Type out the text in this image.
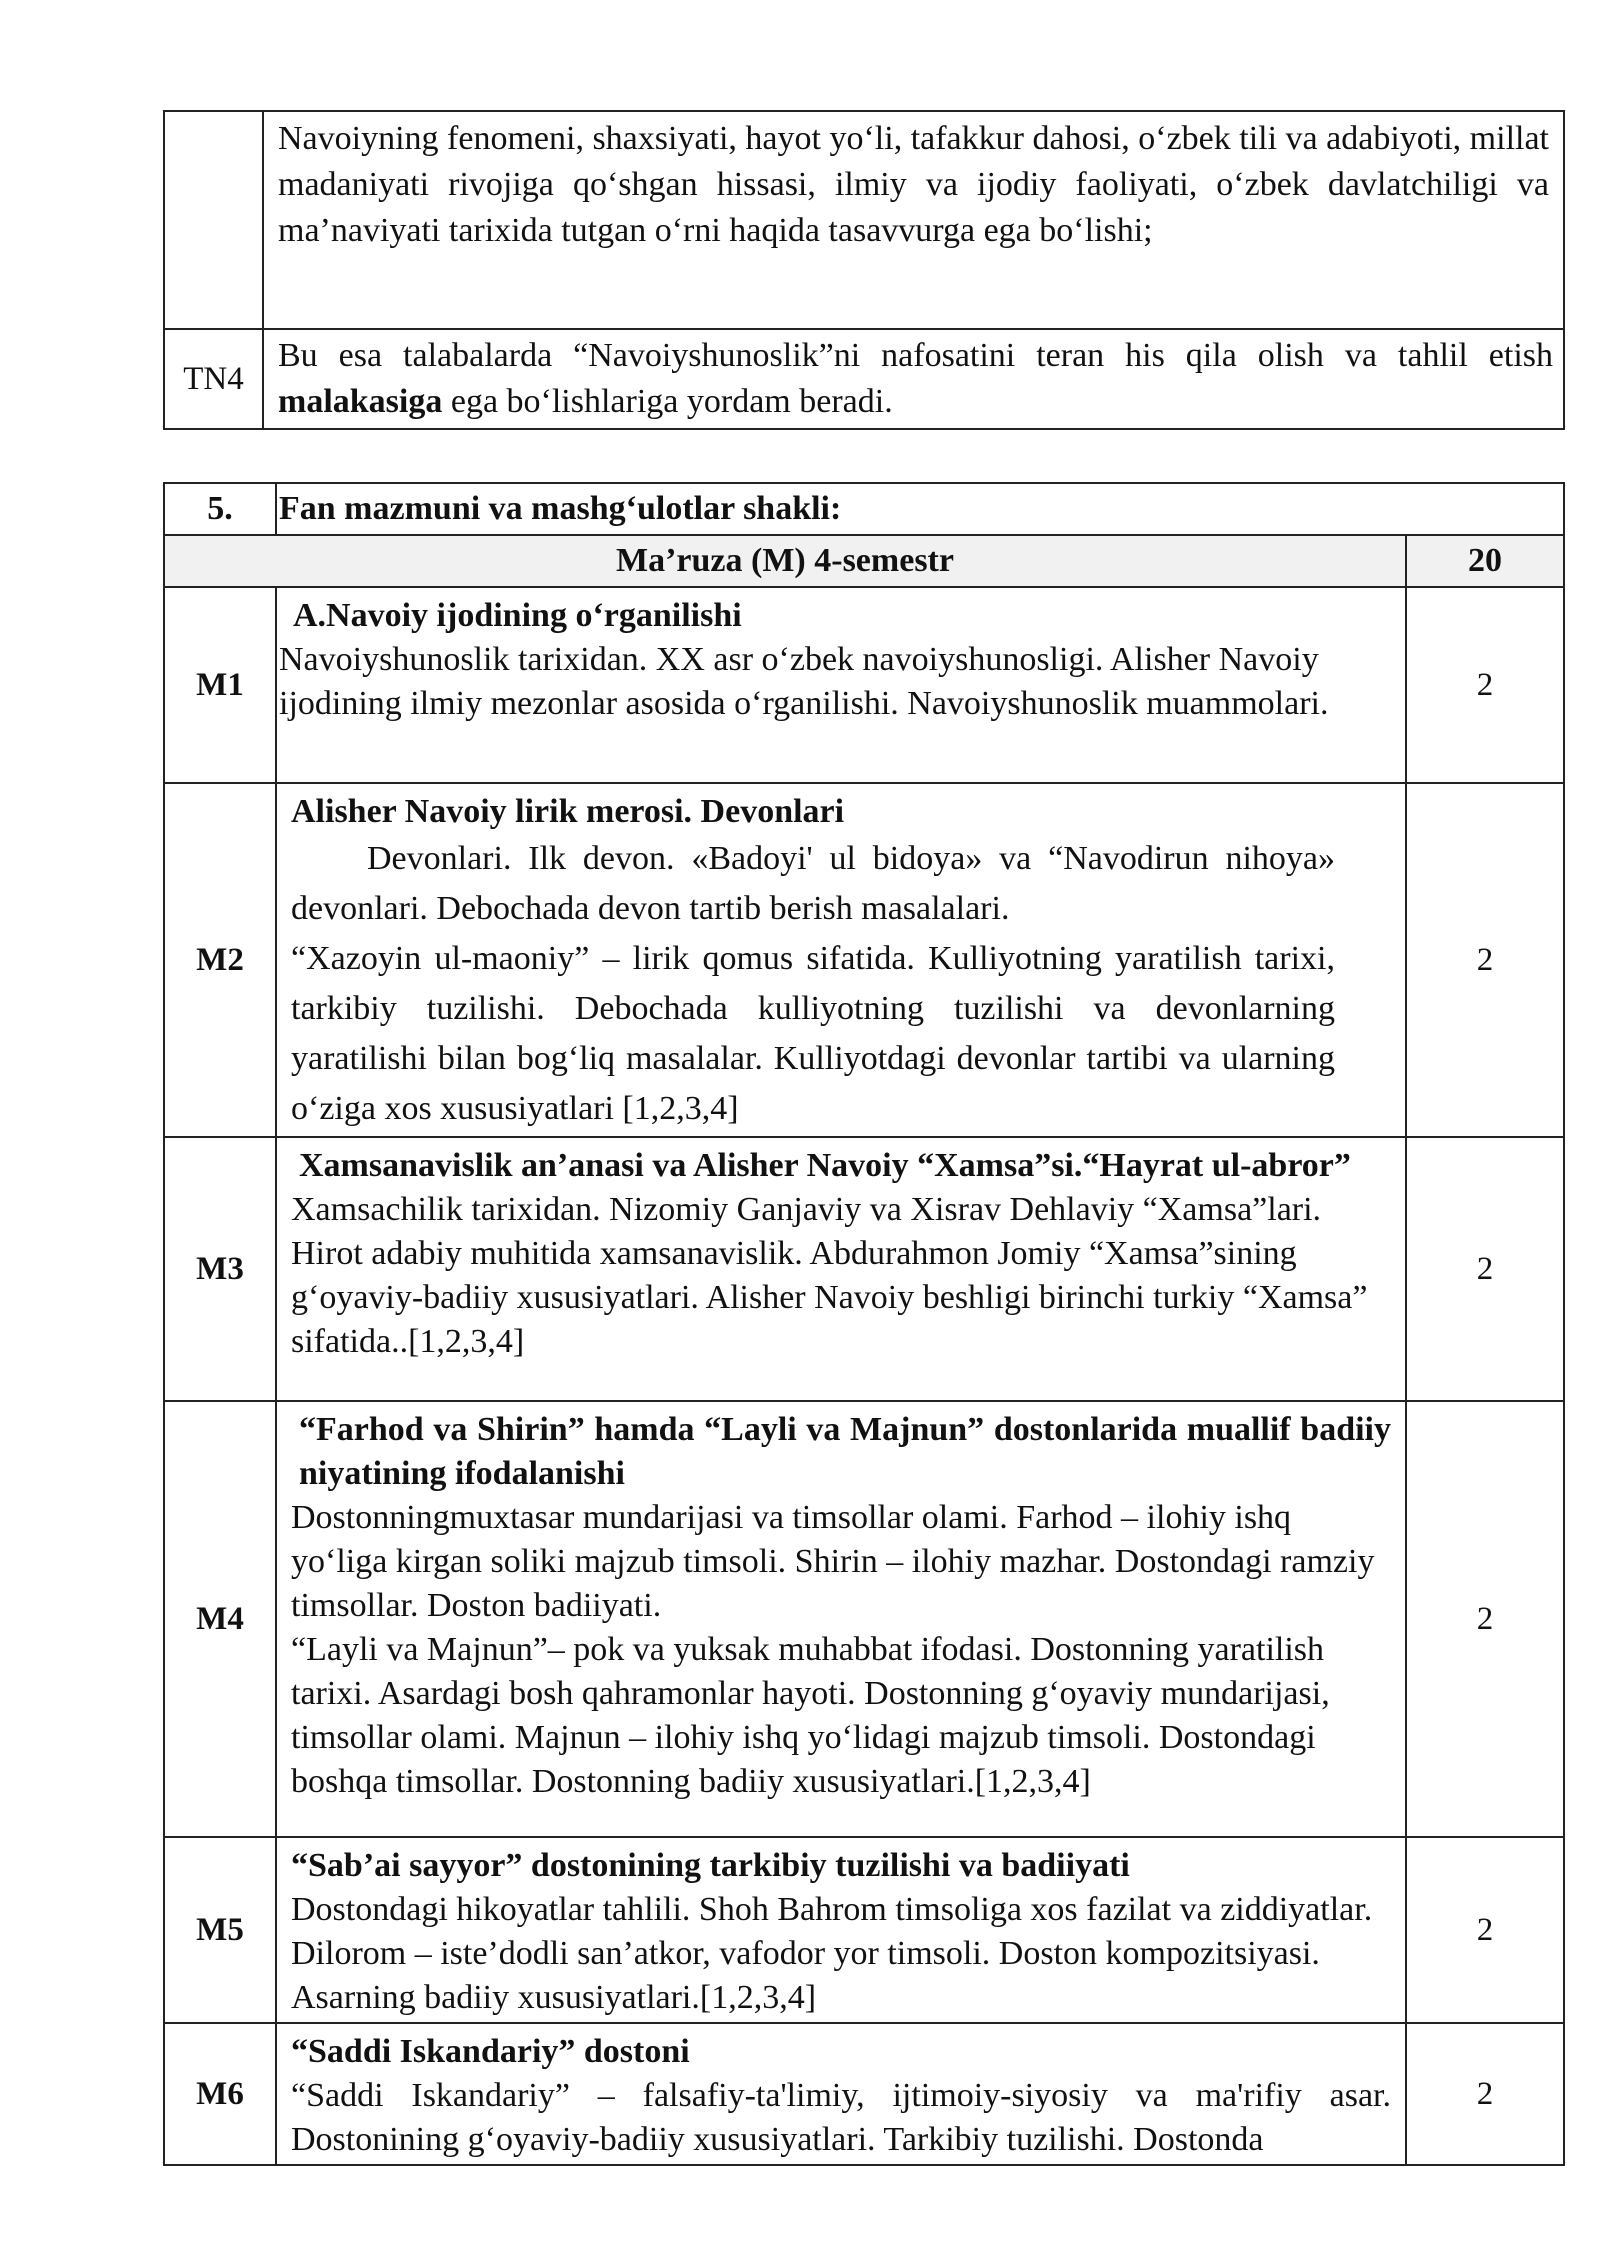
	Navoiyning fenomeni, shaxsiyati, hayot yo‘li, tafakkur dahosi, o‘zbek tili va adabiyoti, millat madaniyati rivojiga qo‘shgan hissasi, ilmiy va ijodiy faoliyati, o‘zbek davlatchiligi va ma’naviyati tarixida tutgan o‘rni haqida tasavvurga ega bo‘lishi;
TN4	Bu esa talabalarda “Navoiyshunoslik”ni nafosatini teran his qila olish va tahlil etish malakasiga ega bo‘lishlariga yordam beradi.
5.	Fan mazmuni va mashg‘ulotlar shakli:	
Ma’ruza (M) 4-semestr		20
M1	A.Navoiy ijodining o‘rganilishi
Navoiyshunoslik tarixidan. XX asr o‘zbek navoiyshunosligi. Alisher Navoiy ijodining ilmiy mezonlar asosida o‘rganilishi. Navoiyshunoslik muammolari.	2
M2	Alisher Navoiy lirik merosi. Devonlari
Devonlari. Ilk devon. «Badoyi' ul bidoya» va “Navodirun nihoya» devonlari. Debochada devon tartib berish masalalari.
“Xazoyin ul-maoniy” – lirik qomus sifatida. Kulliyotning yaratilish tarixi, tarkibiy tuzilishi. Debochada kulliyotning tuzilishi va devonlarning yaratilishi bilan bog‘liq masalalar. Kulliyotdagi devonlar tartibi va ularning o‘ziga xos xususiyatlari [1,2,3,4]	2
M3	Xamsanavislik an’anasi va Alisher Navoiy “Xamsa”si.“Hayrat ul-abror”
Xamsachilik tarixidan. Nizomiy Ganjaviy va Xisrav Dehlaviy “Xamsa”lari. Hirot adabiy muhitida xamsanavislik. Abdurahmon Jomiy “Xamsa”sining g‘oyaviy-badiiy xususiyatlari. Alisher Navoiy beshligi birinchi turkiy “Xamsa” sifatida..[1,2,3,4]	2
M4	“Farhod va Shirin” hamda “Layli va Majnun” dostonlarida muallif badiiy niyatining ifodalanishi
Dostonningmuxtasar mundarijasi va timsollar olami. Farhod – ilohiy ishq yo‘liga kirgan soliki majzub timsoli. Shirin – ilohiy mazhar. Dostondagi ramziy timsollar. Doston badiiyati.
“Layli va Majnun”– pok va yuksak muhabbat ifodasi. Dostonning yaratilish tarixi. Asardagi bosh qahramonlar hayoti. Dostonning g‘oyaviy mundarijasi, timsollar olami. Majnun – ilohiy ishq yo‘lidagi majzub timsoli. Dostondagi boshqa timsollar. Dostonning badiiy xususiyatlari.[1,2,3,4]	2
M5	“Sab’ai sayyor” dostonining tarkibiy tuzilishi va badiiyati
Dostondagi hikoyatlar tahlili. Shoh Bahrom timsoliga xos fazilat va ziddiyatlar. Dilorom – iste’dodli san’atkor, vafodor yor timsoli. Doston kompozitsiyasi. Asarning badiiy xususiyatlari.[1,2,3,4]	2
M6	“Saddi Iskandariy” dostoni
“Saddi Iskandariy” – falsafiy-ta'limiy, ijtimoiy-siyosiy va ma'rifiy asar. Dostonining g‘oyaviy-badiiy xususiyatlari. Tarkibiy tuzilishi. Dostonda	2
